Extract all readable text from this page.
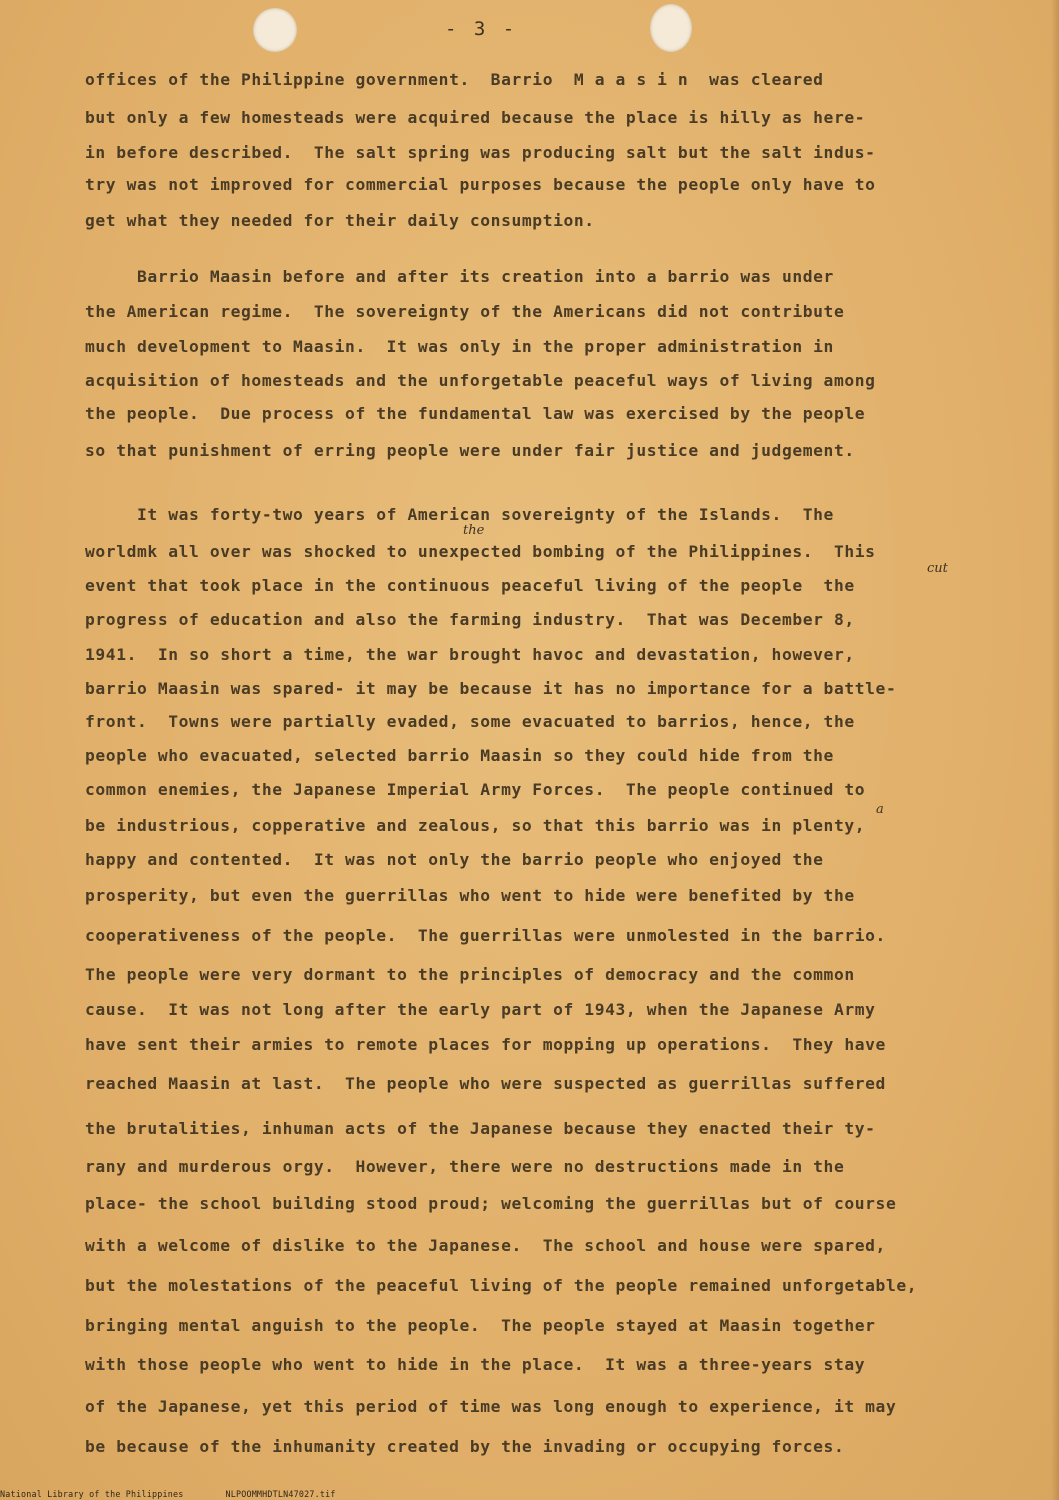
- 3 -
offices of the Philippine government.  Barrio  M a a s i n  was cleared
but only a few homesteads were acquired because the place is hilly as here-
in before described.  The salt spring was producing salt but the salt indus-
try was not improved for commercial purposes because the people only have to
get what they needed for their daily consumption.
Barrio Maasin before and after its creation into a barrio was under
the American regime.  The sovereignty of the Americans did not contribute
much development to Maasin.  It was only in the proper administration in
acquisition of homesteads and the unforgetable peaceful ways of living among
the people.  Due process of the fundamental law was exercised by the people
so that punishment of erring people were under fair justice and judgement.
It was forty-two years of American sovereignty of the Islands.  The
worldmk all over was shocked to unexpected bombing of the Philippines.  This
event that took place in the continuous peaceful living of the people  the
progress of education and also the farming industry.  That was December 8,
1941.  In so short a time, the war brought havoc and devastation, however,
barrio Maasin was spared- it may be because it has no importance for a battle-
front.  Towns were partially evaded, some evacuated to barrios, hence, the
people who evacuated, selected barrio Maasin so they could hide from the
common enemies, the Japanese Imperial Army Forces.  The people continued to
be industrious, copperative and zealous, so that this barrio was in plenty,
happy and contented.  It was not only the barrio people who enjoyed the
prosperity, but even the guerrillas who went to hide were benefited by the
cooperativeness of the people.  The guerrillas were unmolested in the barrio.
The people were very dormant to the principles of democracy and the common
cause.  It was not long after the early part of 1943, when the Japanese Army
have sent their armies to remote places for mopping up operations.  They have
reached Maasin at last.  The people who were suspected as guerrillas suffered
the brutalities, inhuman acts of the Japanese because they enacted their ty-
rany and murderous orgy.  However, there were no destructions made in the
place- the school building stood proud; welcoming the guerrillas but of course
with a welcome of dislike to the Japanese.  The school and house were spared,
but the molestations of the peaceful living of the people remained unforgetable,
bringing mental anguish to the people.  The people stayed at Maasin together
with those people who went to hide in the place.  It was a three-years stay
of the Japanese, yet this period of time was long enough to experience, it may
be because of the inhumanity created by the invading or occupying forces.
the
cut
a
National Library of the Philippines	NLPOOMMHDTLN47027.tif
